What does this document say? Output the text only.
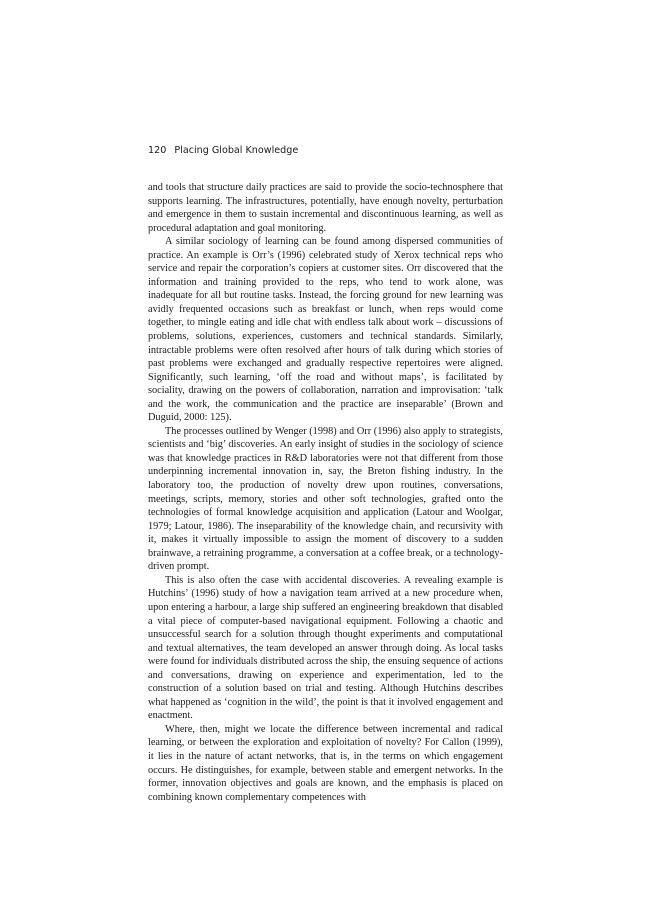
120 Placing Global Knowledge

and tools that structure daily practices are said to provide the socio-technosphere that supports learning. The infrastructures, potentially, have enough novelty, perturbation and emergence in them to sustain incremental and discontinuous learning, as well as procedural adaptation and goal monitoring.

A similar sociology of learning can be found among dispersed communities of practice. An example is Orr’s (1996) celebrated study of Xerox technical reps who service and repair the corporation’s copiers at customer sites. Orr discovered that the information and training provided to the reps, who tend to work alone, was inadequate for all but routine tasks. Instead, the forcing ground for new learning was avidly frequented occasions such as breakfast or lunch, when reps would come together, to mingle eating and idle chat with endless talk about work – discussions of problems, solutions, experiences, customers and technical standards. Similarly, intractable problems were often resolved after hours of talk during which stories of past problems were exchanged and gradually respective repertoires were aligned. Significantly, such learning, ‘off the road and without maps’, is facilitated by sociality, drawing on the powers of collaboration, narration and improvisation: ‘talk and the work, the communication and the practice are inseparable’ (Brown and Duguid, 2000: 125).

The processes outlined by Wenger (1998) and Orr (1996) also apply to strategists, scientists and ‘big’ discoveries. An early insight of studies in the sociology of science was that knowledge practices in R&D laboratories were not that different from those underpinning incremental innovation in, say, the Breton fishing industry. In the laboratory too, the production of novelty drew upon routines, conversations, meetings, scripts, memory, stories and other soft technologies, grafted onto the technologies of formal knowledge acquisition and application (Latour and Woolgar, 1979; Latour, 1986). The inseparability of the knowledge chain, and recursivity with it, makes it virtually impossible to assign the moment of discovery to a sudden brainwave, a retraining programme, a conversation at a coffee break, or a technology-driven prompt.

This is also often the case with accidental discoveries. A revealing example is Hutchins’ (1996) study of how a navigation team arrived at a new procedure when, upon entering a harbour, a large ship suffered an engineering breakdown that disabled a vital piece of computer-based navigational equipment. Following a chaotic and unsuccessful search for a solution through thought experiments and computational and textual alternatives, the team developed an answer through doing. As local tasks were found for individuals distributed across the ship, the ensuing sequence of actions and conversations, drawing on experience and experimentation, led to the construction of a solution based on trial and testing. Although Hutchins describes what happened as ‘cognition in the wild’, the point is that it involved engagement and enactment.

Where, then, might we locate the difference between incremental and radical learning, or between the exploration and exploitation of novelty? For Callon (1999), it lies in the nature of actant networks, that is, in the terms on which engagement occurs. He distinguishes, for example, between stable and emergent networks. In the former, innovation objectives and goals are known, and the emphasis is placed on combining known complementary competences with
